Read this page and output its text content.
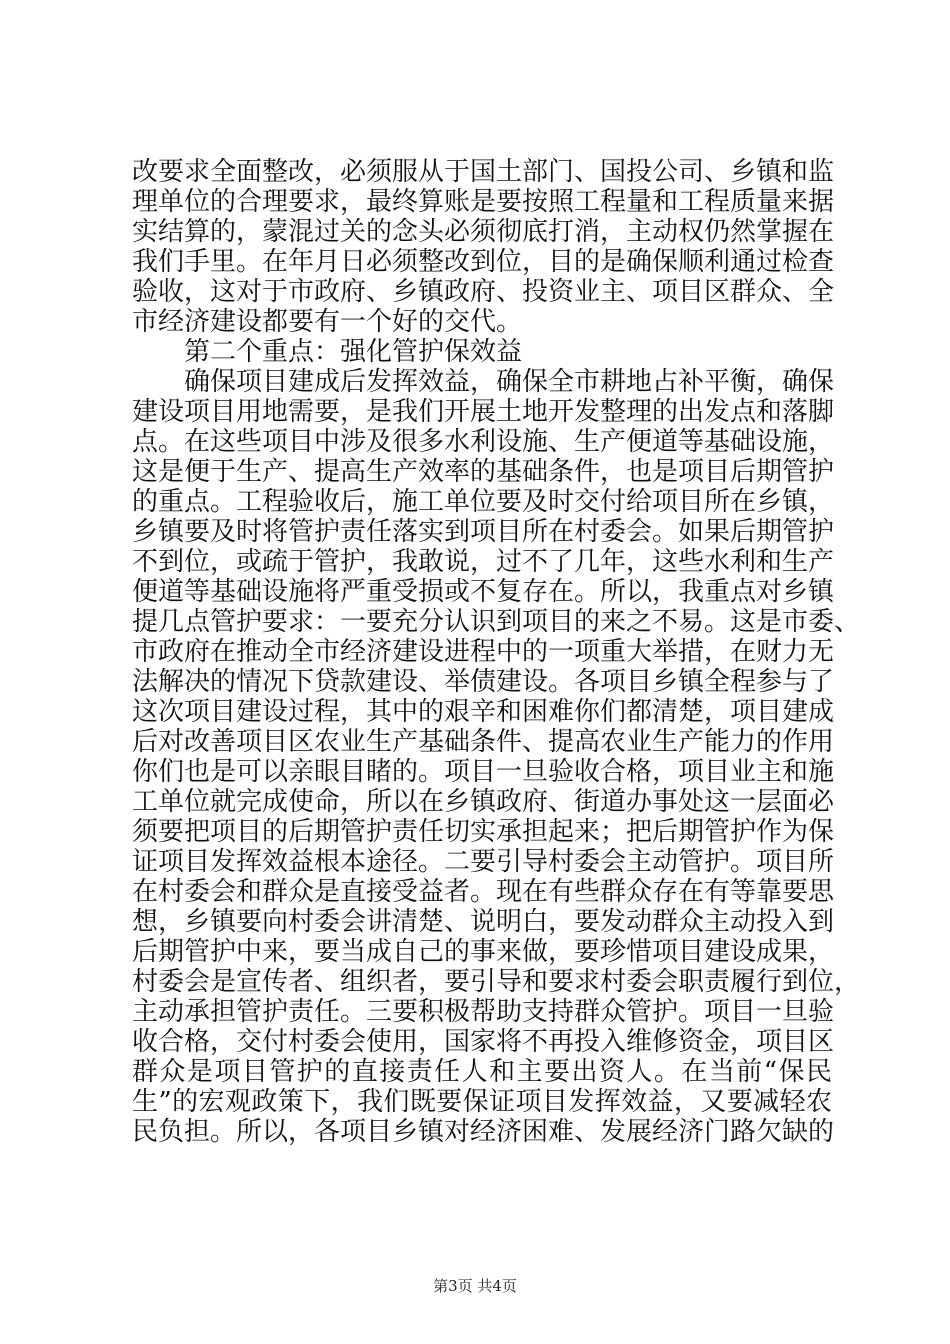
改要求全面整改，必须服从于国土部门、国投公司、乡镇和监
理单位的合理要求，最终算账是要按照工程量和工程质量来据
实结算的，蒙混过关的念头必须彻底打消，主动权仍然掌握在
我们手里。在年月日必须整改到位，目的是确保顺利通过检查
验收，这对于市政府、乡镇政府、投资业主、项目区群众、全
市经济建设都要有一个好的交代。
第二个重点：强化管护保效益
确保项目建成后发挥效益，确保全市耕地占补平衡，确保
建设项目用地需要，是我们开展土地开发整理的出发点和落脚
点。在这些项目中涉及很多水利设施、生产便道等基础设施，
这是便于生产、提高生产效率的基础条件，也是项目后期管护
的重点。工程验收后，施工单位要及时交付给项目所在乡镇，
乡镇要及时将管护责任落实到项目所在村委会。如果后期管护
不到位，或疏于管护，我敢说，过不了几年，这些水利和生产
便道等基础设施将严重受损或不复存在。所以，我重点对乡镇
提几点管护要求：一要充分认识到项目的来之不易。这是市委、
市政府在推动全市经济建设进程中的一项重大举措，在财力无
法解决的情况下贷款建设、举债建设。各项目乡镇全程参与了
这次项目建设过程，其中的艰辛和困难你们都清楚，项目建成
后对改善项目区农业生产基础条件、提高农业生产能力的作用
你们也是可以亲眼目睹的。项目一旦验收合格，项目业主和施
工单位就完成使命，所以在乡镇政府、街道办事处这一层面必
须要把项目的后期管护责任切实承担起来；把后期管护作为保
证项目发挥效益根本途径。二要引导村委会主动管护。项目所
在村委会和群众是直接受益者。现在有些群众存在有等靠要思
想，乡镇要向村委会讲清楚、说明白，要发动群众主动投入到
后期管护中来，要当成自己的事来做，要珍惜项目建设成果，
村委会是宣传者、组织者，要引导和要求村委会职责履行到位，
主动承担管护责任。三要积极帮助支持群众管护。项目一旦验
收合格，交付村委会使用，国家将不再投入维修资金，项目区
群众是项目管护的直接责任人和主要出资人。在当前“保民
生”的宏观政策下，我们既要保证项目发挥效益，又要减轻农
民负担。所以，各项目乡镇对经济困难、发展经济门路欠缺的
第3页 共4页
